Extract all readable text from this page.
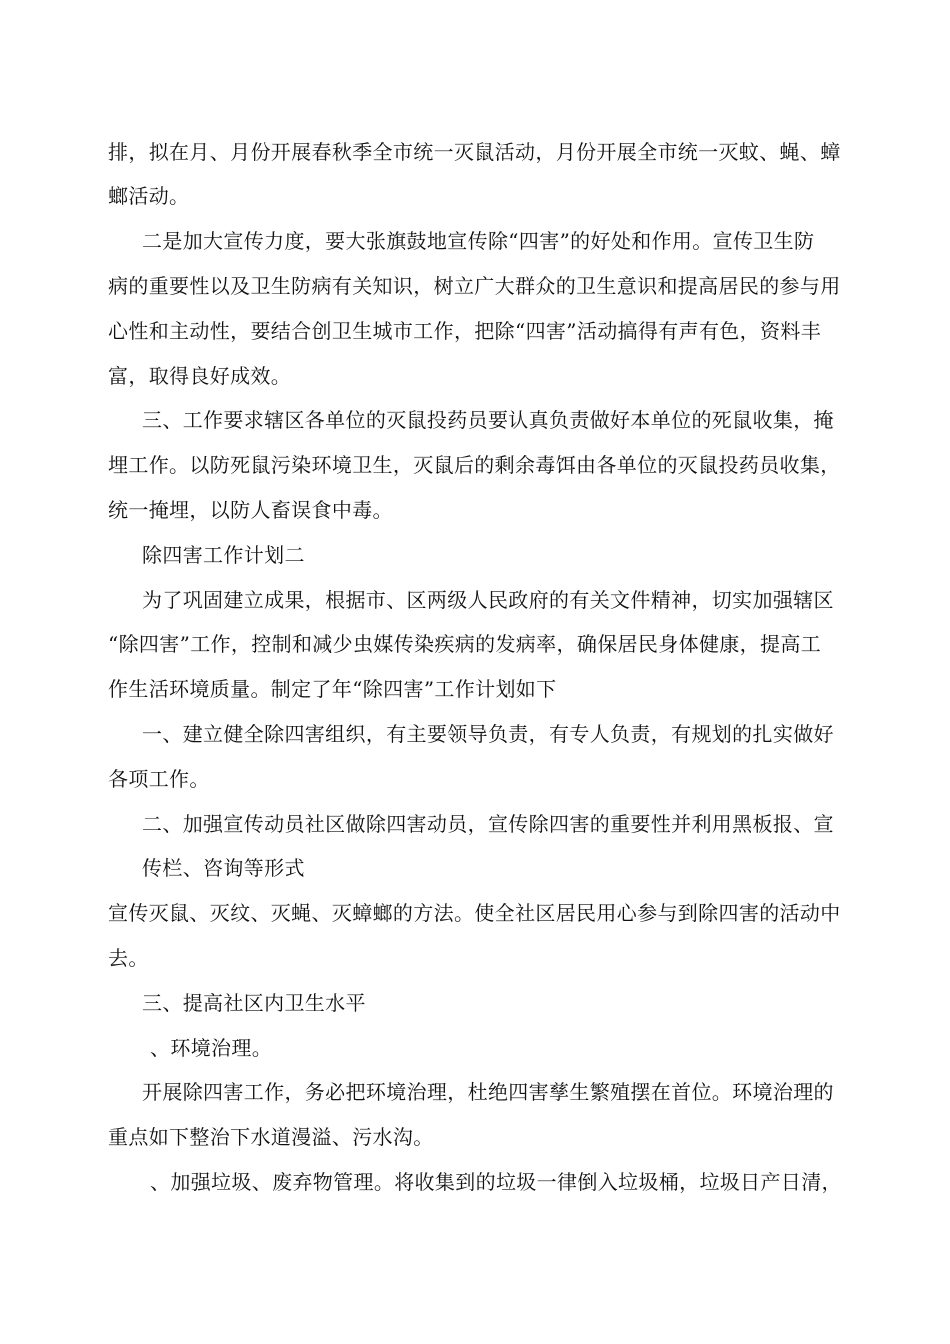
排，拟在月、月份开展春秋季全市统一灭鼠活动，月份开展全市统一灭蚊、蝇、蟑
螂活动。
二是加大宣传力度，要大张旗鼓地宣传除“四害”的好处和作用。宣传卫生防
病的重要性以及卫生防病有关知识，树立广大群众的卫生意识和提高居民的参与用
心性和主动性，要结合创卫生城市工作，把除“四害”活动搞得有声有色，资料丰
富，取得良好成效。
三、工作要求辖区各单位的灭鼠投药员要认真负责做好本单位的死鼠收集，掩
埋工作。以防死鼠污染环境卫生，灭鼠后的剩余毒饵由各单位的灭鼠投药员收集，
统一掩埋，以防人畜误食中毒。
除四害工作计划二
为了巩固建立成果，根据市、区两级人民政府的有关文件精神，切实加强辖区
“除四害”工作，控制和减少虫媒传染疾病的发病率，确保居民身体健康，提高工
作生活环境质量。制定了年“除四害”工作计划如下
一、建立健全除四害组织，有主要领导负责，有专人负责，有规划的扎实做好
各项工作。
二、加强宣传动员社区做除四害动员，宣传除四害的重要性并利用黑板报、宣
传栏、咨询等形式
宣传灭鼠、灭纹、灭蝇、灭蟑螂的方法。使全社区居民用心参与到除四害的活动中
去。
三、提高社区内卫生水平
、环境治理。
开展除四害工作，务必把环境治理，杜绝四害孳生繁殖摆在首位。环境治理的
重点如下整治下水道漫溢、污水沟。
、加强垃圾、废弃物管理。将收集到的垃圾一律倒入垃圾桶，垃圾日产日清，
